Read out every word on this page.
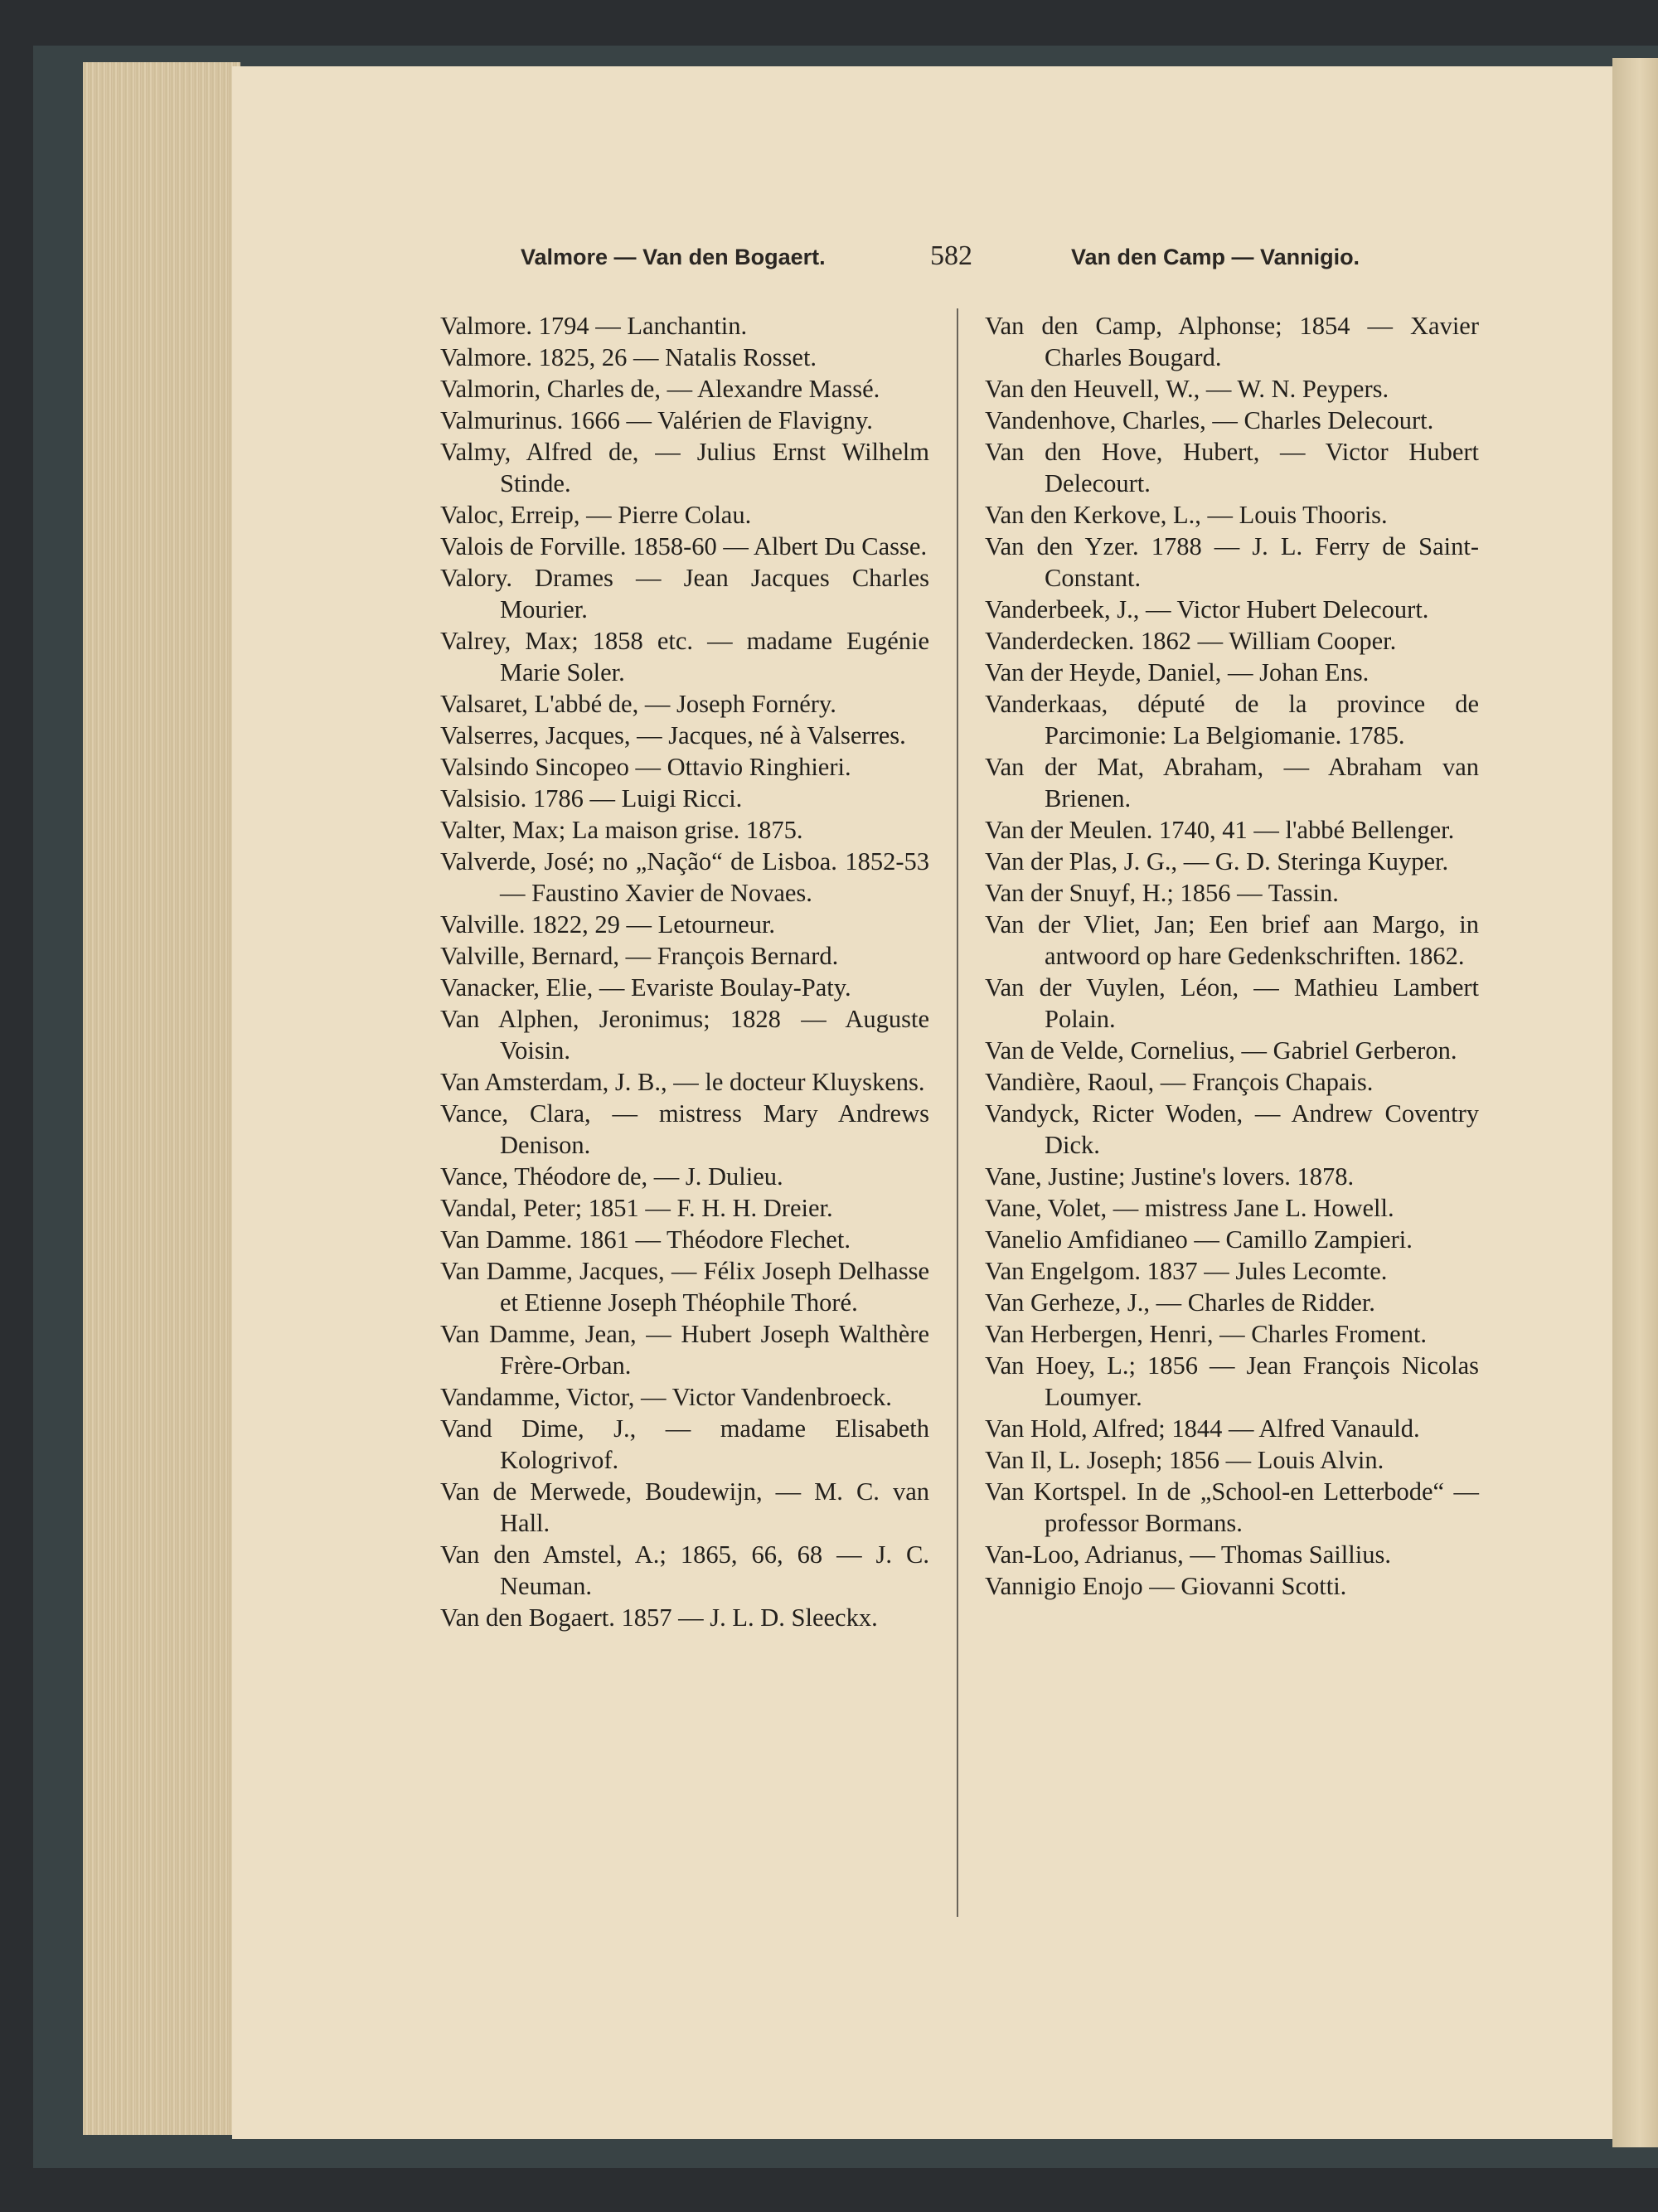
Valmore — Van den Bogaert.	582	Van den Camp — Vannigio.

Valmore. 1794 — Lanchantin.

Valmore. 1825, 26 — Natalis Rosset.

Valmorin, Charles de, — Alexandre Massé.

Valmurinus. 1666 — Valérien de Flavigny.

Valmy, Alfred de, — Julius Ernst Wilhelm Stinde.

Valoc, Erreip, — Pierre Colau.

Valois de Forville. 1858-60 — Albert Du Casse.

Valory. Drames — Jean Jacques Charles Mourier.

Valrey, Max; 1858 etc. — madame Eugénie Marie Soler.

Valsaret, L'abbé de, — Joseph Fornéry.

Valserres, Jacques, — Jacques, né à Valserres.

Valsindo Sincopeo — Ottavio Ringhieri.

Valsisio. 1786 — Luigi Ricci.

Valter, Max; La maison grise. 1875.

Valverde, José; no „Nação“ de Lisboa. 1852-53 — Faustino Xavier de Novaes.

Valville. 1822, 29 — Letourneur.

Valville, Bernard, — François Bernard.

Vanacker, Elie, — Evariste Boulay-Paty.

Van Alphen, Jeronimus; 1828 — Auguste Voisin.

Van Amsterdam, J. B., — le docteur Kluyskens.

Vance, Clara, — mistress Mary Andrews Denison.

Vance, Théodore de, — J. Dulieu.

Vandal, Peter; 1851 — F. H. H. Dreier.

Van Damme. 1861 — Théodore Flechet.

Van Damme, Jacques, — Félix Joseph Delhasse et Etienne Joseph Théophile Thoré.

Van Damme, Jean, — Hubert Joseph Walthère Frère-Orban.

Vandamme, Victor, — Victor Vandenbroeck.

Vand Dime, J., — madame Elisabeth Kologrivof.

Van de Merwede, Boudewijn, — M. C. van Hall.

Van den Amstel, A.; 1865, 66, 68 — J. C. Neuman.

Van den Bogaert. 1857 — J. L. D. Sleeckx.

Van den Camp, Alphonse; 1854 — Xavier Charles Bougard.

Van den Heuvell, W., — W. N. Peypers.

Vandenhove, Charles, — Charles Delecourt.

Van den Hove, Hubert, — Victor Hubert Delecourt.

Van den Kerkove, L., — Louis Thooris.

Van den Yzer. 1788 — J. L. Ferry de Saint-Constant.

Vanderbeek, J., — Victor Hubert Delecourt.

Vanderdecken. 1862 — William Cooper.

Van der Heyde, Daniel, — Johan Ens.

Vanderkaas, député de la province de Parcimonie: La Belgiomanie. 1785.

Van der Mat, Abraham, — Abraham van Brienen.

Van der Meulen. 1740, 41 — l'abbé Bellenger.

Van der Plas, J. G., — G. D. Steringa Kuyper.

Van der Snuyf, H.; 1856 — Tassin.

Van der Vliet, Jan; Een brief aan Margo, in antwoord op hare Gedenkschriften. 1862.

Van der Vuylen, Léon, — Mathieu Lambert Polain.

Van de Velde, Cornelius, — Gabriel Gerberon.

Vandière, Raoul, — François Chapais.

Vandyck, Ricter Woden, — Andrew Coventry Dick.

Vane, Justine; Justine's lovers. 1878.

Vane, Volet, — mistress Jane L. Howell.

Vanelio Amfidianeo — Camillo Zampieri.

Van Engelgom. 1837 — Jules Lecomte.

Van Gerheze, J., — Charles de Ridder.

Van Herbergen, Henri, — Charles Froment.

Van Hoey, L.; 1856 — Jean François Nicolas Loumyer.

Van Hold, Alfred; 1844 — Alfred Vanauld.

Van Il, L. Joseph; 1856 — Louis Alvin.

Van Kortspel. In de „School-en Letterbode“ — professor Bormans.

Van-Loo, Adrianus, — Thomas Saillius.

Vannigio Enojo — Giovanni Scotti.
